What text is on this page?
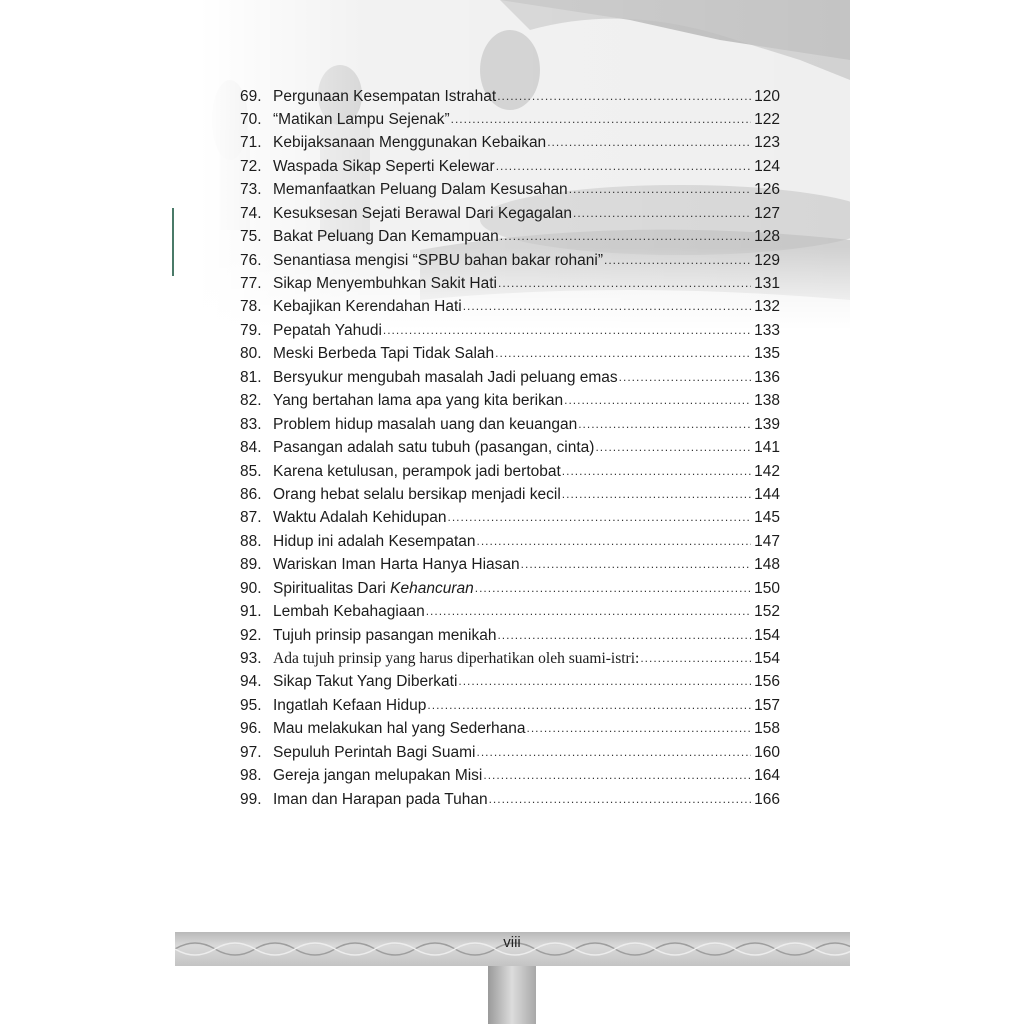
69. Pergunaan Kesempatan Istrahat .....	120
70. “Matikan Lampu Sejenak” .....	122
71. Kebijaksanaan Menggunakan Kebaikan .....	123
72. Waspada Sikap Seperti Kelewar .....	124
73. Memanfaatkan Peluang Dalam Kesusahan .....	126
74. Kesuksesan Sejati Berawal Dari Kegagalan .....	127
75. Bakat Peluang Dan Kemampuan .....	128
76. Senantiasa mengisi “SPBU bahan bakar rohani” .....	129
77. Sikap Menyembuhkan Sakit Hati .....	131
78. Kebajikan Kerendahan Hati .....	132
79. Pepatah Yahudi .....	133
80. Meski Berbeda Tapi Tidak Salah .....	135
81. Bersyukur mengubah masalah Jadi peluang emas .....	136
82. Yang bertahan lama apa yang kita berikan .....	138
83. Problem hidup masalah uang dan keuangan .....	139
84. Pasangan adalah satu tubuh (pasangan, cinta) .....	141
85. Karena ketulusan, perampok jadi bertobat .....	142
86. Orang hebat selalu bersikap menjadi kecil .....	144
87. Waktu Adalah Kehidupan .....	145
88. Hidup ini adalah Kesempatan .....	147
89. Wariskan Iman Harta Hanya Hiasan .....	148
90. Spiritualitas Dari Kehancuran .....	150
91. Lembah Kebahagiaan .....	152
92. Tujuh prinsip pasangan menikah .....	154
93. Ada tujuh prinsip yang harus diperhatikan oleh suami-istri: .....	154
94. Sikap Takut Yang Diberkati .....	156
95. Ingatlah Kefaan Hidup .....	157
96. Mau melakukan hal yang Sederhana .....	158
97. Sepuluh Perintah Bagi Suami .....	160
98. Gereja jangan melupakan Misi .....	164
99. Iman dan Harapan pada Tuhan .....	166
viii
